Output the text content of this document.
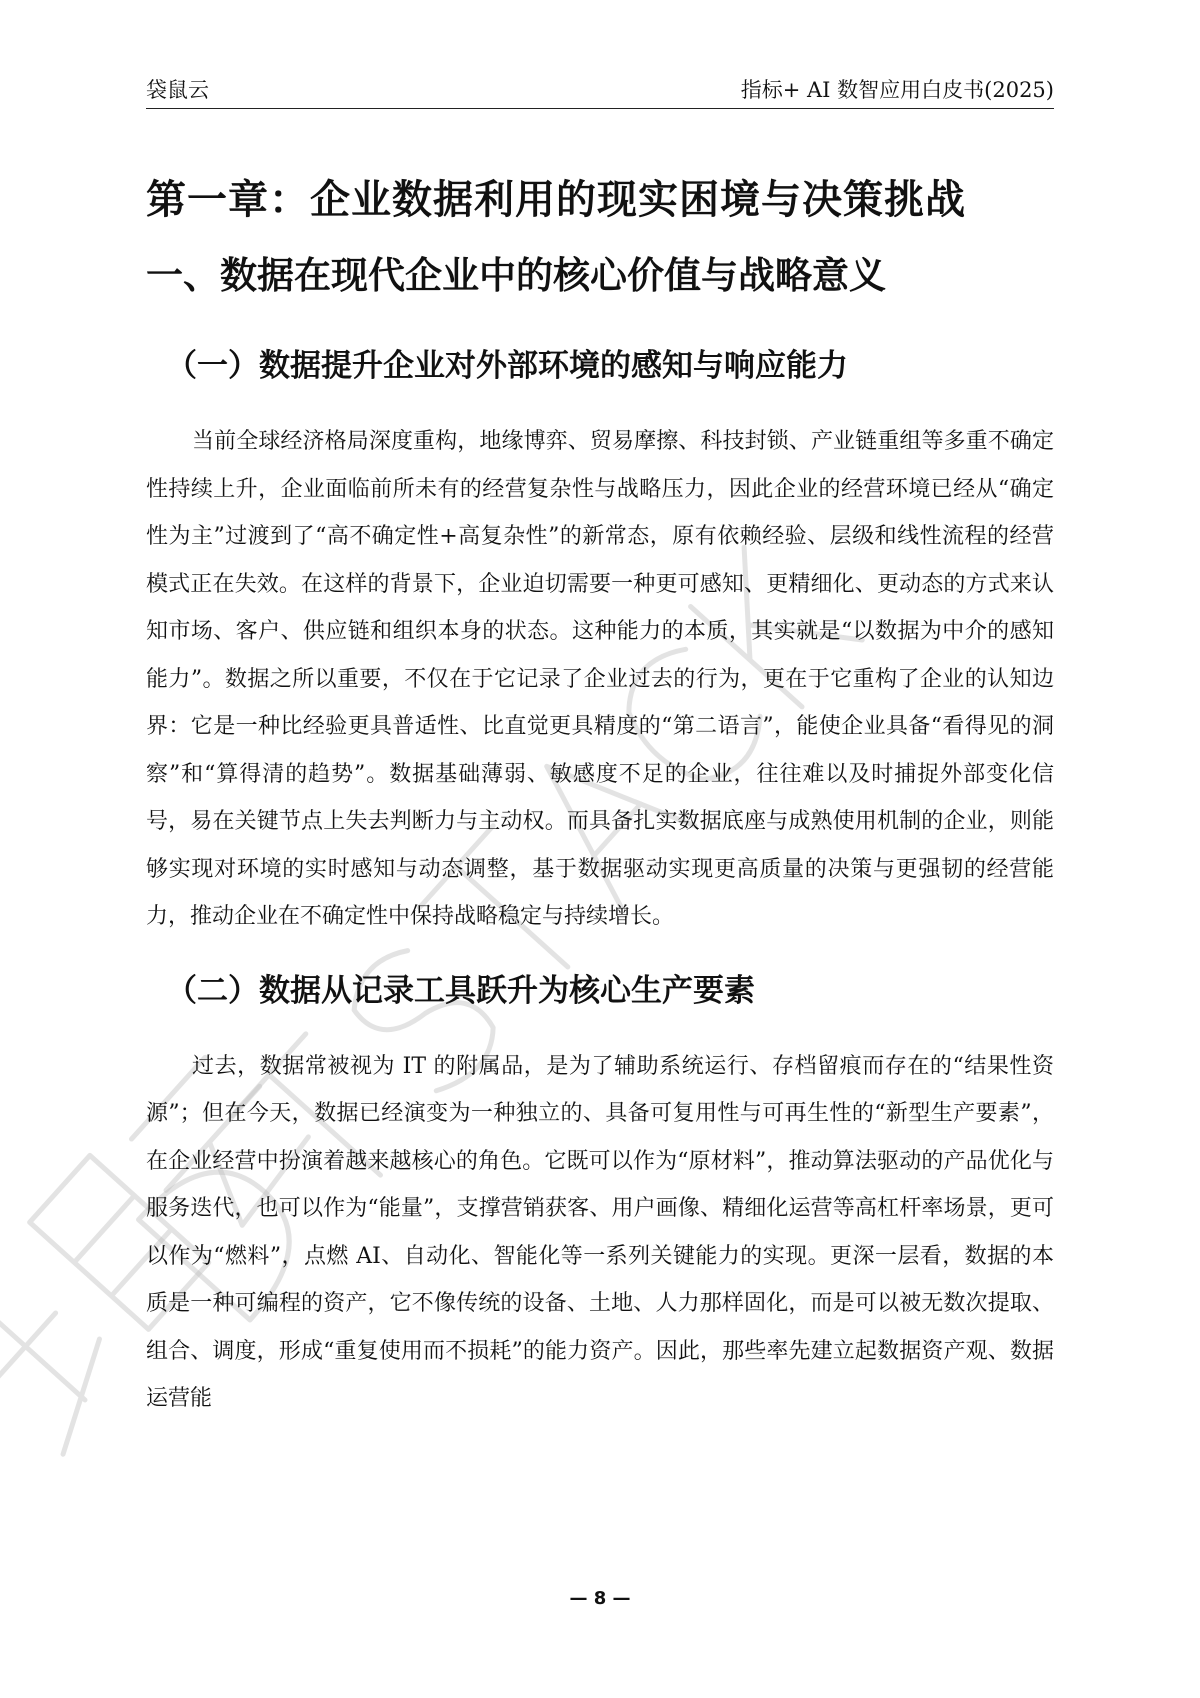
袋鼠云	指标+ AI 数智应用白皮书(2025)
第一章：企业数据利用的现实困境与决策挑战
一、数据在现代企业中的核心价值与战略意义
（一）数据提升企业对外部环境的感知与响应能力

当前全球经济格局深度重构，地缘博弈、贸易摩擦、科技封锁、产业链重组等多重不确定性持续上升，企业面临前所未有的经营复杂性与战略压力，因此企业的经营环境已经从“确定性为主”过渡到了“高不确定性+高复杂性”的新常态，原有依赖经验、层级和线性流程的经营模式正在失效。在这样的背景下，企业迫切需要一种更可感知、更精细化、更动态的方式来认知市场、客户、供应链和组织本身的状态。这种能力的本质，其实就是“以数据为中介的感知能力”。数据之所以重要，不仅在于它记录了企业过去的行为，更在于它重构了企业的认知边界：它是一种比经验更具普适性、比直觉更具精度的“第二语言”，能使企业具备“看得见的洞察”和“算得清的趋势”。数据基础薄弱、敏感度不足的企业，往往难以及时捕捉外部变化信号，易在关键节点上失去判断力与主动权。而具备扎实数据底座与成熟使用机制的企业，则能够实现对环境的实时感知与动态调整，基于数据驱动实现更高质量的决策与更强韧的经营能力，推动企业在不确定性中保持战略稳定与持续增长。

（二）数据从记录工具跃升为核心生产要素

过去，数据常被视为 IT 的附属品，是为了辅助系统运行、存档留痕而存在的“结果性资源”；但在今天，数据已经演变为一种独立的、具备可复用性与可再生性的“新型生产要素”，在企业经营中扮演着越来越核心的角色。它既可以作为“原材料”，推动算法驱动的产品优化与服务迭代，也可以作为“能量”，支撑营销获客、用户画像、精细化运营等高杠杆率场景，更可以作为“燃料”，点燃 AI、自动化、智能化等一系列关键能力的实现。更深一层看，数据的本质是一种可编程的资产，它不像传统的设备、土地、人力那样固化，而是可以被无数次提取、组合、调度，形成“重复使用而不损耗”的能力资产。因此，那些率先建立起数据资产观、数据运营能

— 8 —
